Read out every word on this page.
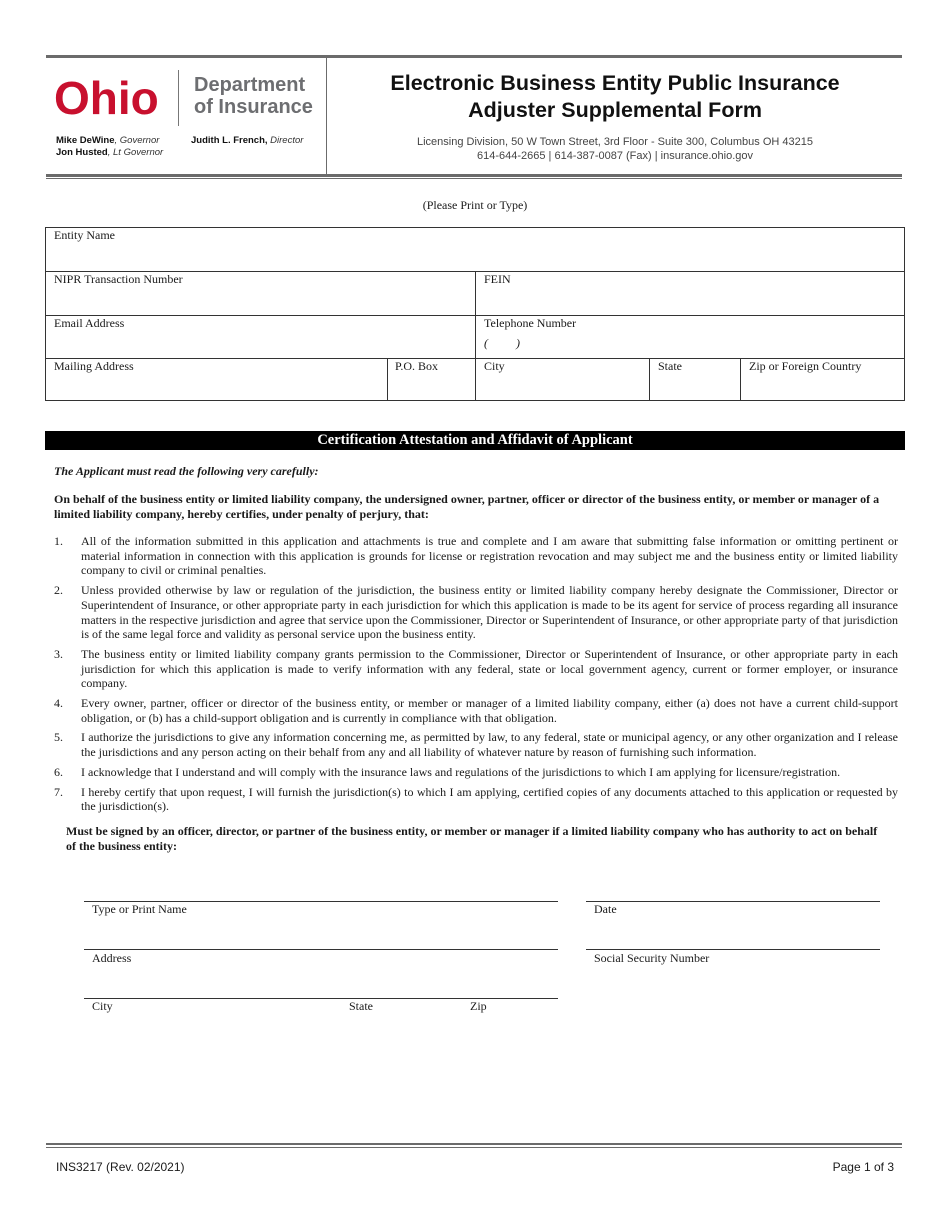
Ohio Department
of Insurance
Mike DeWine, Governor
Jon Husted, Lt Governor
Judith L. French, Director
Electronic Business Entity Public Insurance
Adjuster Supplemental Form
Licensing Division, 50 W Town Street, 3rd Floor - Suite 300, Columbus OH 43215
614-644-2665 | 614-387-0087 (Fax) | insurance.ohio.gov
(Please Print or Type)
Entity Name
NIPR Transaction Number	FEIN
Email Address	Telephone Number
( )
Mailing Address	P.O. Box	City	State	Zip or Foreign Country
Certification Attestation and Affidavit of Applicant
The Applicant must read the following very carefully:
On behalf of the business entity or limited liability company, the undersigned owner, partner, officer or director of the business entity, or member or manager of a limited liability company, hereby certifies, under penalty of perjury, that:
1. All of the information submitted in this application and attachments is true and complete and I am aware that submitting false information or omitting pertinent or material information in connection with this application is grounds for license or registration revocation and may subject me and the business entity or limited liability company to civil or criminal penalties.
2. Unless provided otherwise by law or regulation of the jurisdiction, the business entity or limited liability company hereby designate the Commissioner, Director or Superintendent of Insurance, or other appropriate party in each jurisdiction for which this application is made to be its agent for service of process regarding all insurance matters in the respective jurisdiction and agree that service upon the Commissioner, Director or Superintendent of Insurance, or other appropriate party of that jurisdiction is of the same legal force and validity as personal service upon the business entity.
3. The business entity or limited liability company grants permission to the Commissioner, Director or Superintendent of Insurance, or other appropriate party in each jurisdiction for which this application is made to verify information with any federal, state or local government agency, current or former employer, or insurance company.
4. Every owner, partner, officer or director of the business entity, or member or manager of a limited liability company, either (a) does not have a current child-support obligation, or (b) has a child-support obligation and is currently in compliance with that obligation.
5. I authorize the jurisdictions to give any information concerning me, as permitted by law, to any federal, state or municipal agency, or any other organization and I release the jurisdictions and any person acting on their behalf from any and all liability of whatever nature by reason of furnishing such information.
6. I acknowledge that I understand and will comply with the insurance laws and regulations of the jurisdictions to which I am applying for licensure/registration.
7. I hereby certify that upon request, I will furnish the jurisdiction(s) to which I am applying, certified copies of any documents attached to this application or requested by the jurisdiction(s).
Must be signed by an officer, director, or partner of the business entity, or member or manager if a limited liability company who has authority to act on behalf of the business entity:
Type or Print Name	Date
Address	Social Security Number
City	State	Zip
INS3217 (Rev. 02/2021)	Page 1 of 3
